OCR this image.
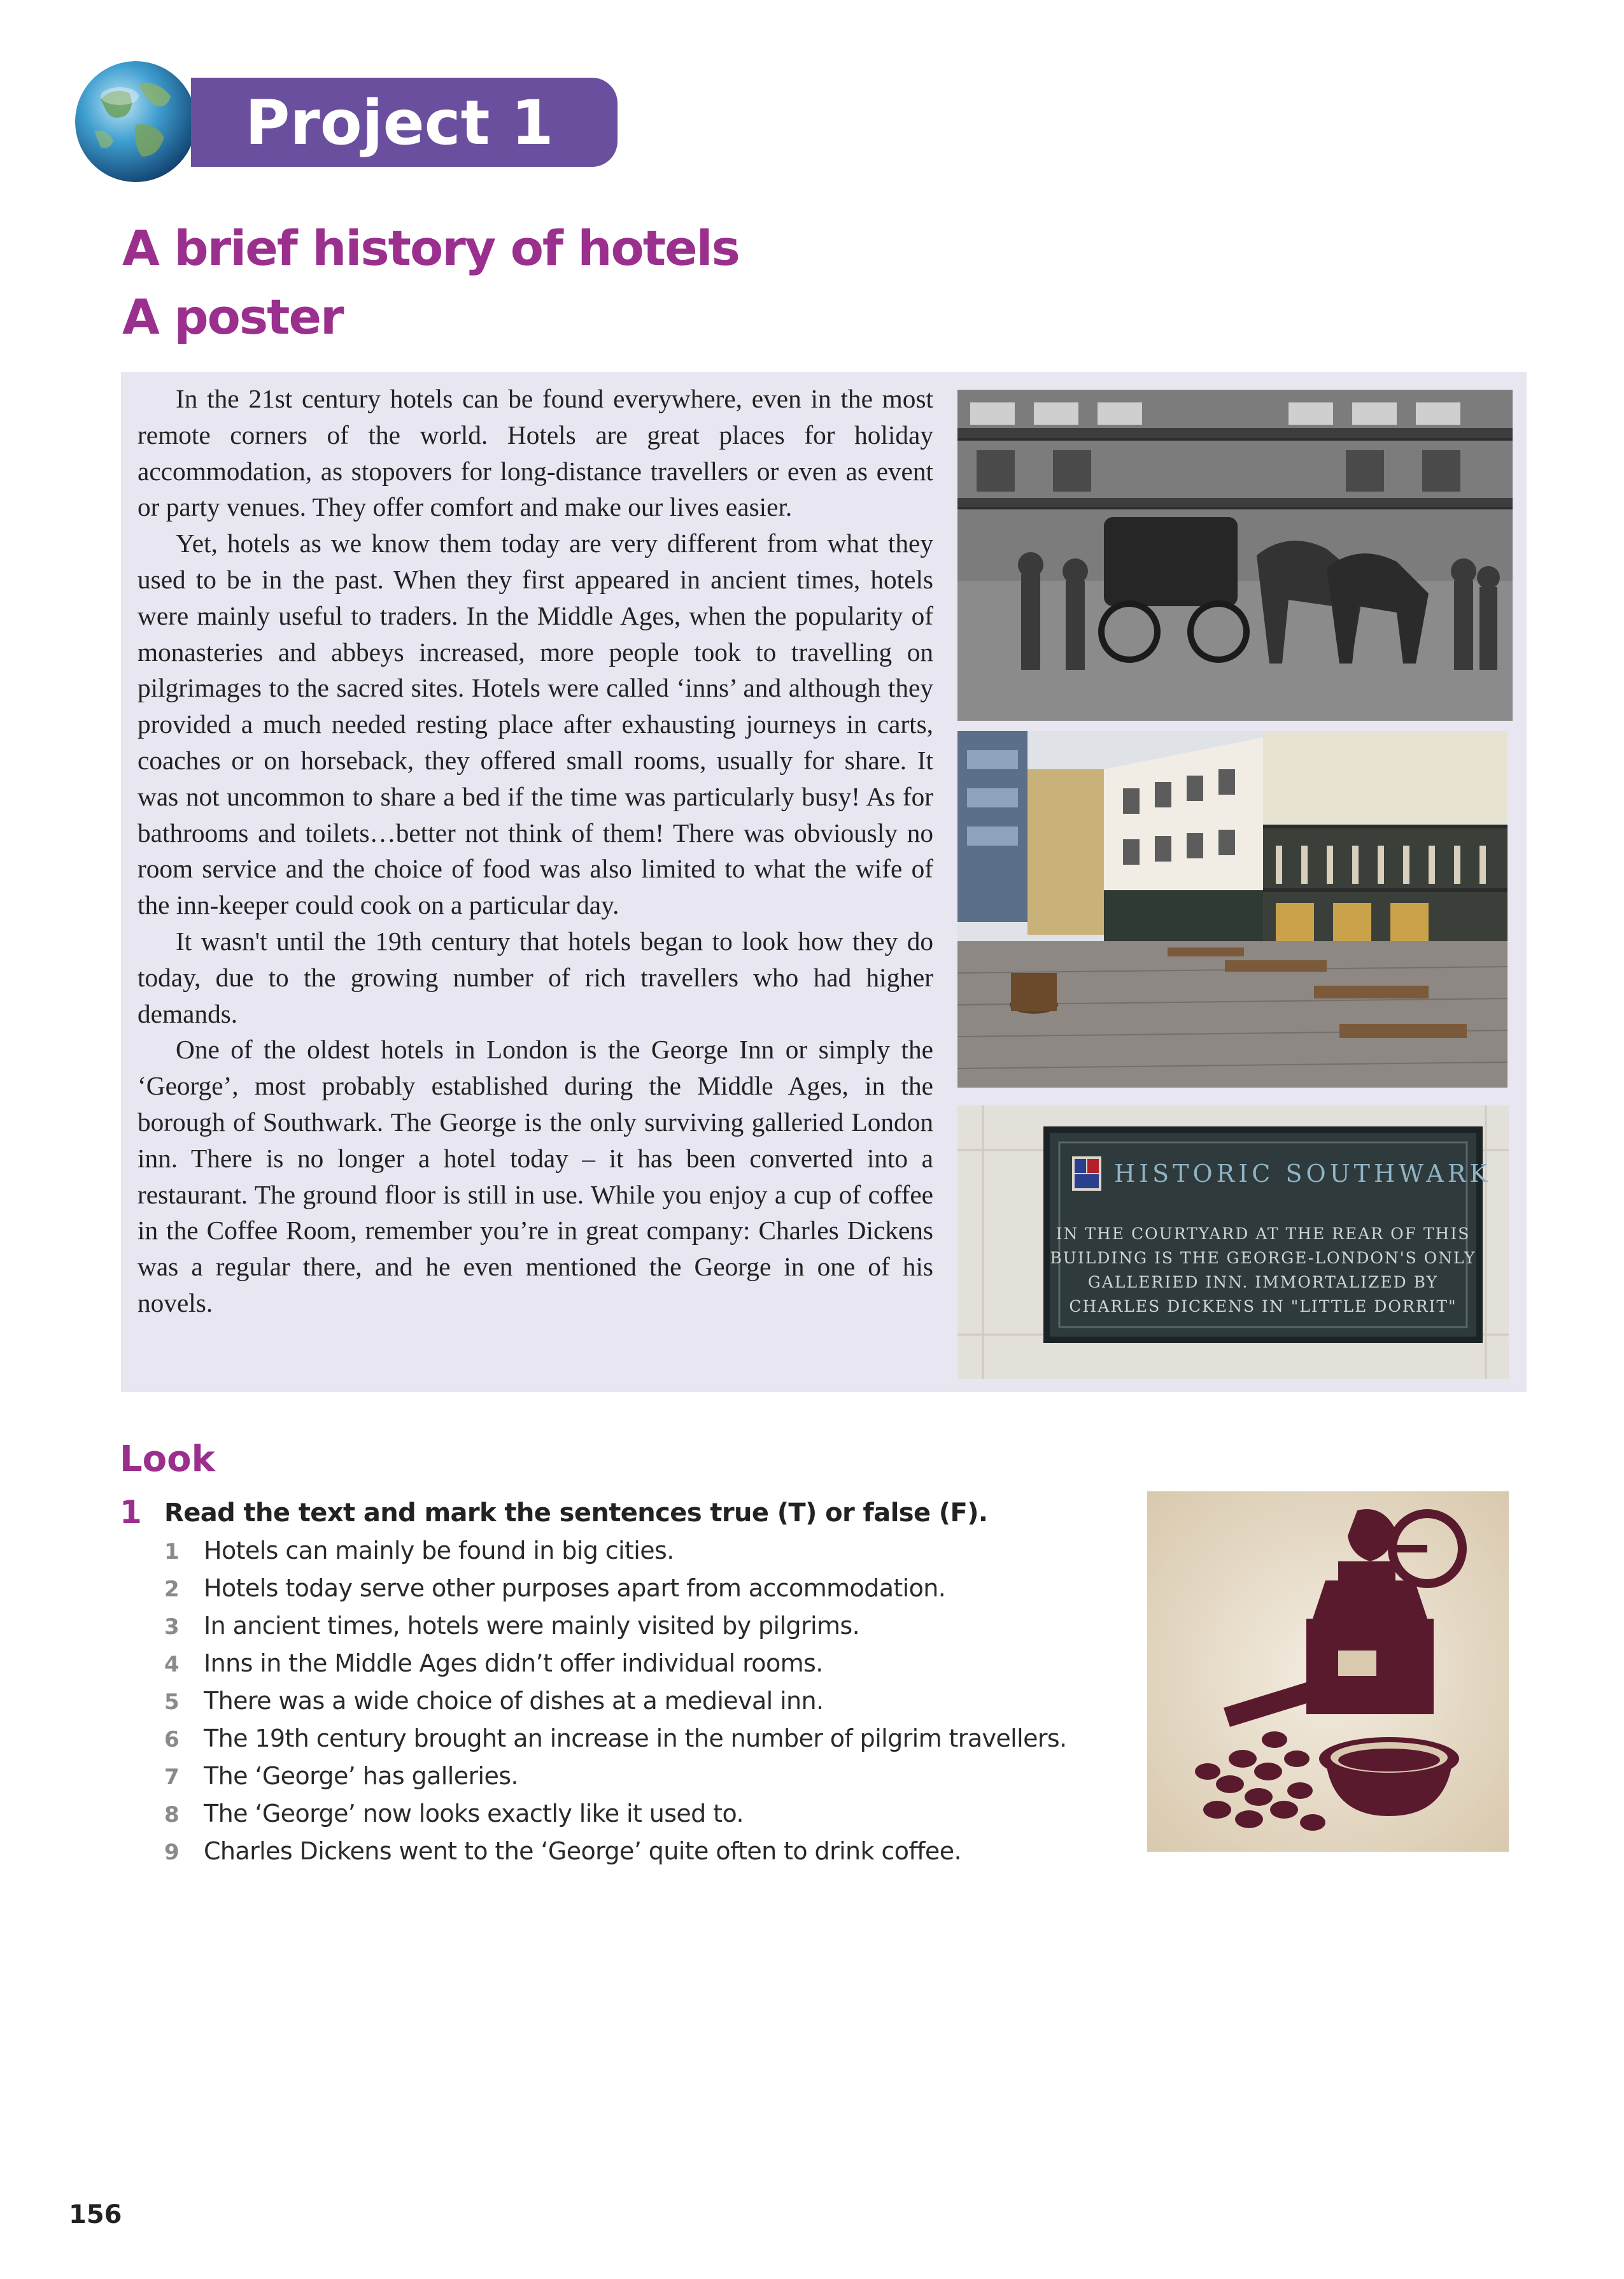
Project 1
A brief history of hotels
A poster

In the 21st century hotels can be found everywhere, even in the most remote corners of the world. Hotels are great places for holiday accommodation, as stopovers for long-distance travellers or even as event or party venues. They offer comfort and make our lives easier.

Yet, hotels as we know them today are very different from what they used to be in the past. When they first appeared in ancient times, hotels were mainly useful to traders. In the Middle Ages, when the popularity of monasteries and abbeys increased, more people took to travelling on pilgrimages to the sacred sites. Hotels were called ‘inns’ and although they provided a much needed resting place after exhausting journeys in carts, coaches or on horseback, they offered small rooms, usually for share. It was not uncommon to share a bed if the time was particularly busy! As for bathrooms and toilets…better not think of them! There was obviously no room service and the choice of food was also limited to what the wife of the inn-keeper could cook on a particular day.

It wasn't until the 19th century that hotels began to look how they do today, due to the growing number of rich travellers who had higher demands.

One of the oldest hotels in London is the George Inn or simply the ‘George’, most probably established during the Middle Ages, in the borough of Southwark. The George is the only surviving galleried London inn. There is no longer a hotel today – it has been converted into a restaurant. The ground floor is still in use. While you enjoy a cup of coffee in the Coffee Room, remember you’re in great company: Charles Dickens was a regular there, and he even mentioned the George in one of his novels.

HISTORIC SOUTHWARK
IN THE COURTYARD AT THE REAR OF THIS
BUILDING IS THE GEORGE-LONDON'S ONLY
GALLERIED INN. IMMORTALIZED BY
CHARLES DICKENS IN "LITTLE DORRIT"
Look
1 Read the text and mark the sentences true (T) or false (F).
1 Hotels can mainly be found in big cities.
2 Hotels today serve other purposes apart from accommodation.
3 In ancient times, hotels were mainly visited by pilgrims.
4 Inns in the Middle Ages didn’t offer individual rooms.
5 There was a wide choice of dishes at a medieval inn.
6 The 19th century brought an increase in the number of pilgrim travellers.
7 The ‘George’ has galleries.
8 The ‘George’ now looks exactly like it used to.
9 Charles Dickens went to the ‘George’ quite often to drink coffee.
156
